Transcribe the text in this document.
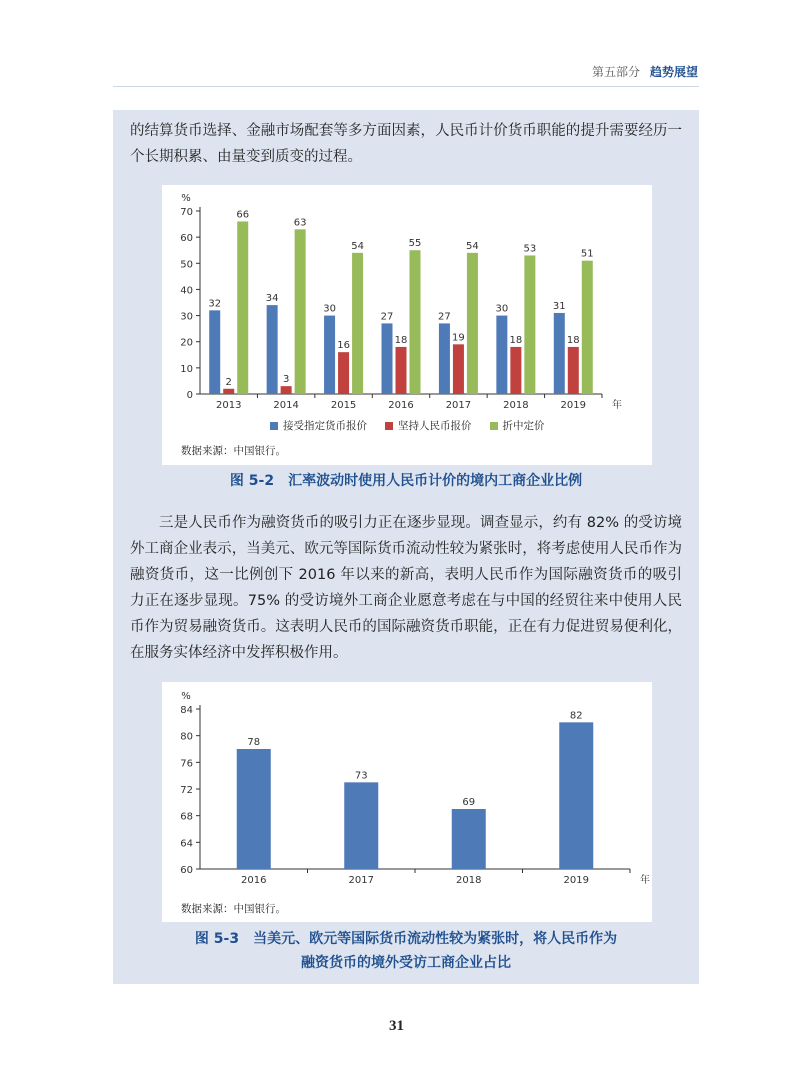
第五部分 趋势展望

的结算货币选择、金融市场配套等多方面因素，人民币计价货币职能的提升需要经历一个长期积累、由量变到质变的过程。

%
0
10
20
30
40
50
60
70
2013
32
2
66
2014
34
3
63
2015
30
16
54
2016
27
18
55
2017
27
19
54
2018
30
18
53
2019
31
18
51
年
接受指定货币报价	坚持人民币报价	折中定价
数据来源：中国银行。
图 5-2　汇率波动时使用人民币计价的境内工商企业比例

三是人民币作为融资货币的吸引力正在逐步显现。调查显示，约有 82% 的受访境外工商企业表示，当美元、欧元等国际货币流动性较为紧张时，将考虑使用人民币作为融资货币，这一比例创下 2016 年以来的新高，表明人民币作为国际融资货币的吸引力正在逐步显现。75% 的受访境外工商企业愿意考虑在与中国的经贸往来中使用人民币作为贸易融资货币。这表明人民币的国际融资货币职能，正在有力促进贸易便利化，在服务实体经济中发挥积极作用。

%
60
64
68
72
76
80
84
2016
78
2017
73
2018
69
2019
82
年
数据来源：中国银行。
图 5-3　当美元、欧元等国际货币流动性较为紧张时，将人民币作为
融资货币的境外受访工商企业占比
31
